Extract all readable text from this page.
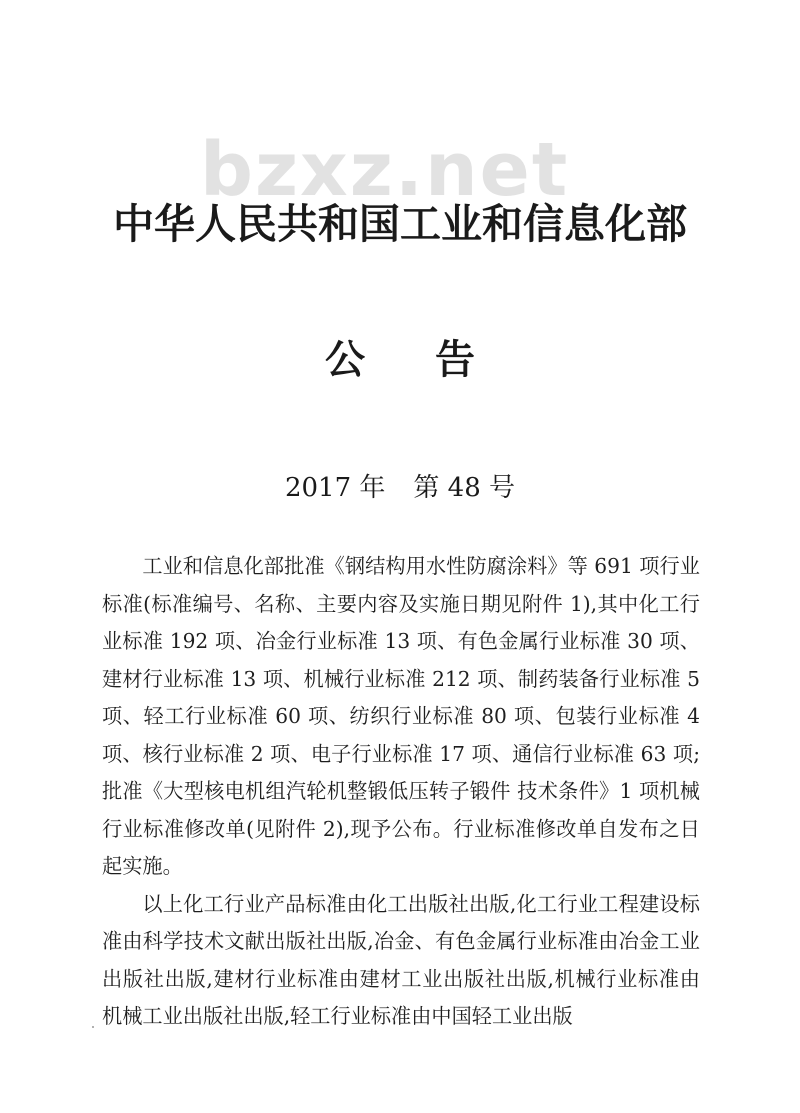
bzxz.net
中华人民共和国工业和信息化部
公告
2017 年 第 48 号

工业和信息化部批准《钢结构用水性防腐涂料》等 691 项行业标准(标准编号、名称、主要内容及实施日期见附件 1),其中化工行业标准 192 项、冶金行业标准 13 项、有色金属行业标准 30 项、建材行业标准 13 项、机械行业标准 212 项、制药装备行业标准 5 项、轻工行业标准 60 项、纺织行业标准 80 项、包装行业标准 4 项、核行业标准 2 项、电子行业标准 17 项、通信行业标准 63 项;批准《大型核电机组汽轮机整锻低压转子锻件 技术条件》1 项机械行业标准修改单(见附件 2),现予公布。行业标准修改单自发布之日起实施。

以上化工行业产品标准由化工出版社出版,化工行业工程建设标准由科学技术文献出版社出版,冶金、有色金属行业标准由冶金工业出版社出版,建材行业标准由建材工业出版社出版,机械行业标准由机械工业出版社出版,轻工行业标准由中国轻工业出版
